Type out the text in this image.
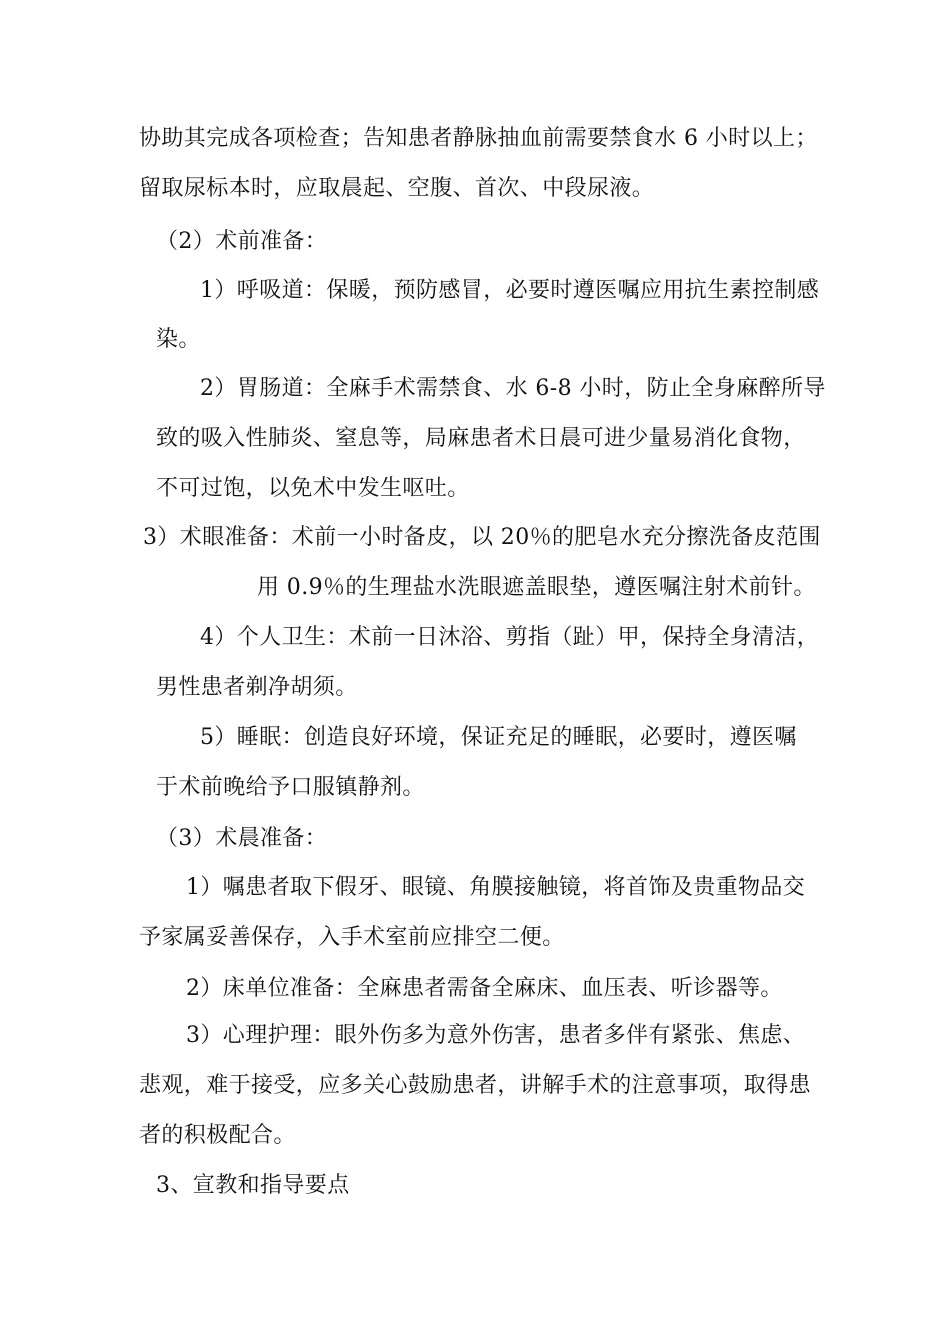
协助其完成各项检查；告知患者静脉抽血前需要禁食水 6 小时以上；
留取尿标本时，应取晨起、空腹、首次、中段尿液。
（2）术前准备：
1）呼吸道：保暖，预防感冒，必要时遵医嘱应用抗生素控制感
染。
2）胃肠道：全麻手术需禁食、水 6-8 小时，防止全身麻醉所导
致的吸入性肺炎、窒息等，局麻患者术日晨可进少量易消化食物，
不可过饱，以免术中发生呕吐。
3）术眼准备：术前一小时备皮，以 20％的肥皂水充分擦洗备皮范围
用 0.9％的生理盐水洗眼遮盖眼垫，遵医嘱注射术前针。
4）个人卫生：术前一日沐浴、剪指（趾）甲，保持全身清洁，
男性患者剃净胡须。
5）睡眠：创造良好环境，保证充足的睡眠，必要时，遵医嘱
于术前晚给予口服镇静剂。
（3）术晨准备：
1）嘱患者取下假牙、眼镜、角膜接触镜，将首饰及贵重物品交
予家属妥善保存，入手术室前应排空二便。
2）床单位准备：全麻患者需备全麻床、血压表、听诊器等。
3）心理护理：眼外伤多为意外伤害，患者多伴有紧张、焦虑、
悲观，难于接受，应多关心鼓励患者，讲解手术的注意事项，取得患
者的积极配合。
3、宣教和指导要点
